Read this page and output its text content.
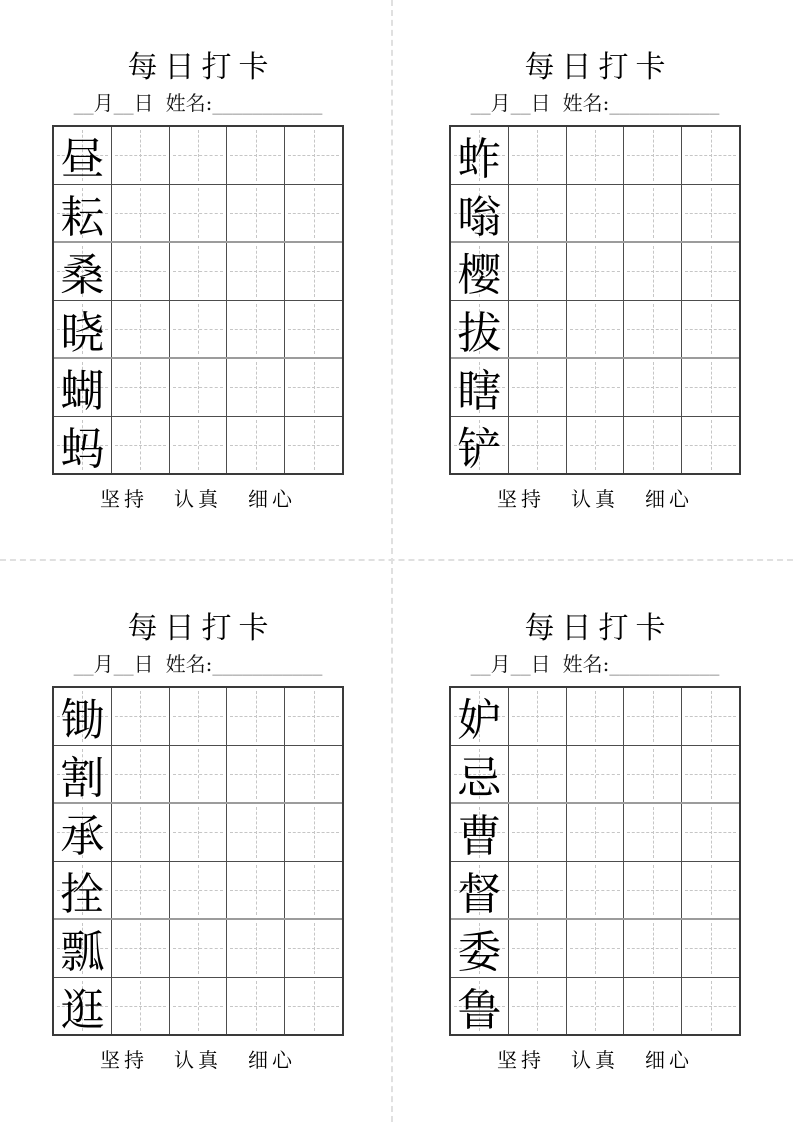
每日打卡
__月__日 姓名:___________
昼
耘
桑
晓
蝴
蚂
坚持 认真 细心
每日打卡
__月__日 姓名:___________
蚱
嗡
樱
拔
瞎
铲
坚持 认真 细心
每日打卡
__月__日 姓名:___________
锄
割
承
拴
瓢
逛
坚持 认真 细心
每日打卡
__月__日 姓名:___________
妒
忌
曹
督
委
鲁
坚持 认真 细心
